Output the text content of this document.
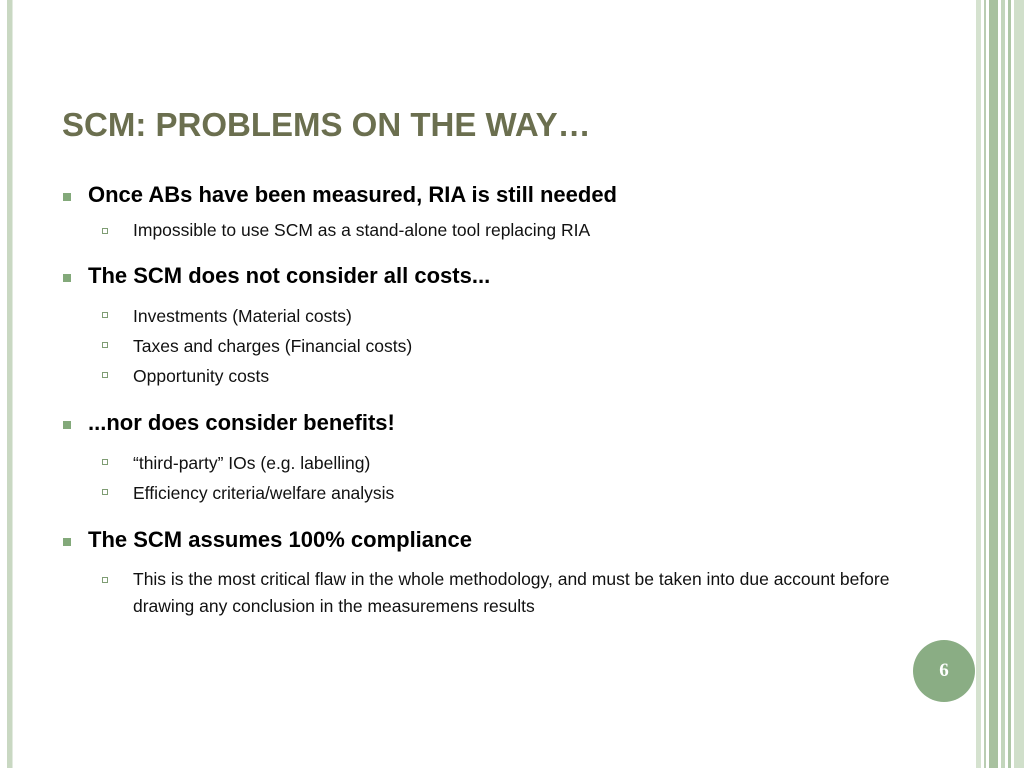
SCM: PROBLEMS ON THE WAY…
Once ABs have been measured, RIA is still needed
Impossible to use SCM as a stand-alone tool replacing RIA
The SCM does not consider all costs...
Investments (Material costs)
Taxes and charges (Financial costs)
Opportunity costs
...nor does consider benefits!
“third-party” IOs (e.g. labelling)
Efficiency criteria/welfare analysis
The SCM assumes 100% compliance
This is the most critical flaw in the whole methodology, and must be taken into due account before drawing any conclusion in the measuremens results
6
